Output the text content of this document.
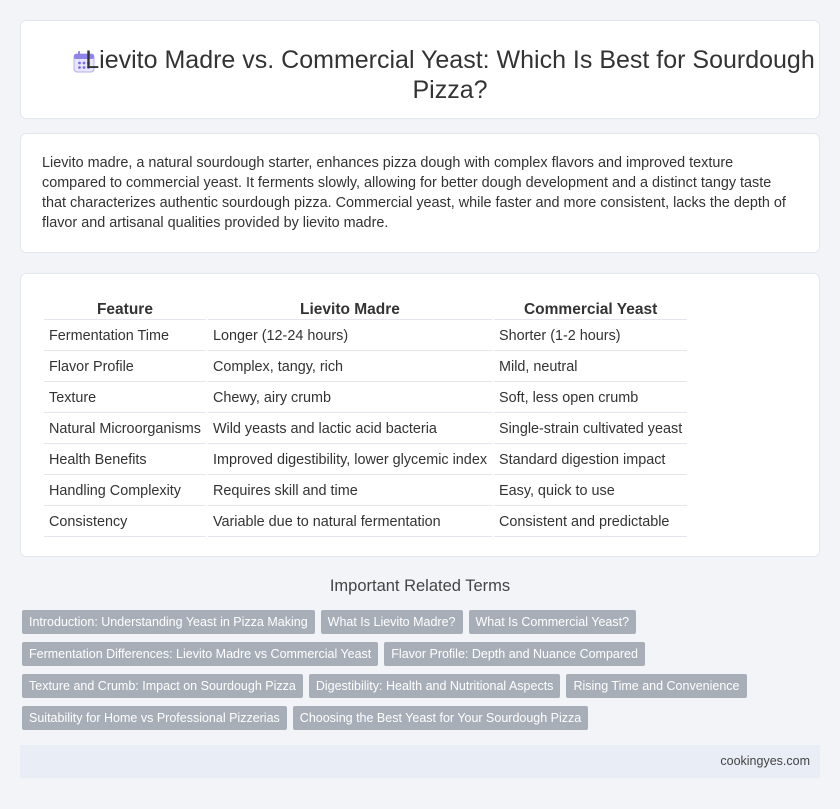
Lievito Madre vs. Commercial Yeast: Which Is Best for Sourdough Pizza?

Lievito madre, a natural sourdough starter, enhances pizza dough with complex flavors and improved texture compared to commercial yeast. It ferments slowly, allowing for better dough development and a distinct tangy taste that characterizes authentic sourdough pizza. Commercial yeast, while faster and more consistent, lacks the depth of flavor and artisanal qualities provided by lievito madre.

Feature	Lievito Madre	Commercial Yeast
Fermentation Time	Longer (12-24 hours)	Shorter (1-2 hours)
Flavor Profile	Complex, tangy, rich	Mild, neutral
Texture	Chewy, airy crumb	Soft, less open crumb
Natural Microorganisms	Wild yeasts and lactic acid bacteria	Single-strain cultivated yeast
Health Benefits	Improved digestibility, lower glycemic index	Standard digestion impact
Handling Complexity	Requires skill and time	Easy, quick to use
Consistency	Variable due to natural fermentation	Consistent and predictable
Important Related Terms
Introduction: Understanding Yeast in Pizza Making	What Is Lievito Madre?	What Is Commercial Yeast?
Fermentation Differences: Lievito Madre vs Commercial Yeast	Flavor Profile: Depth and Nuance Compared
Texture and Crumb: Impact on Sourdough Pizza	Digestibility: Health and Nutritional Aspects	Rising Time and Convenience
Suitability for Home vs Professional Pizzerias	Choosing the Best Yeast for Your Sourdough Pizza
cookingyes.com
